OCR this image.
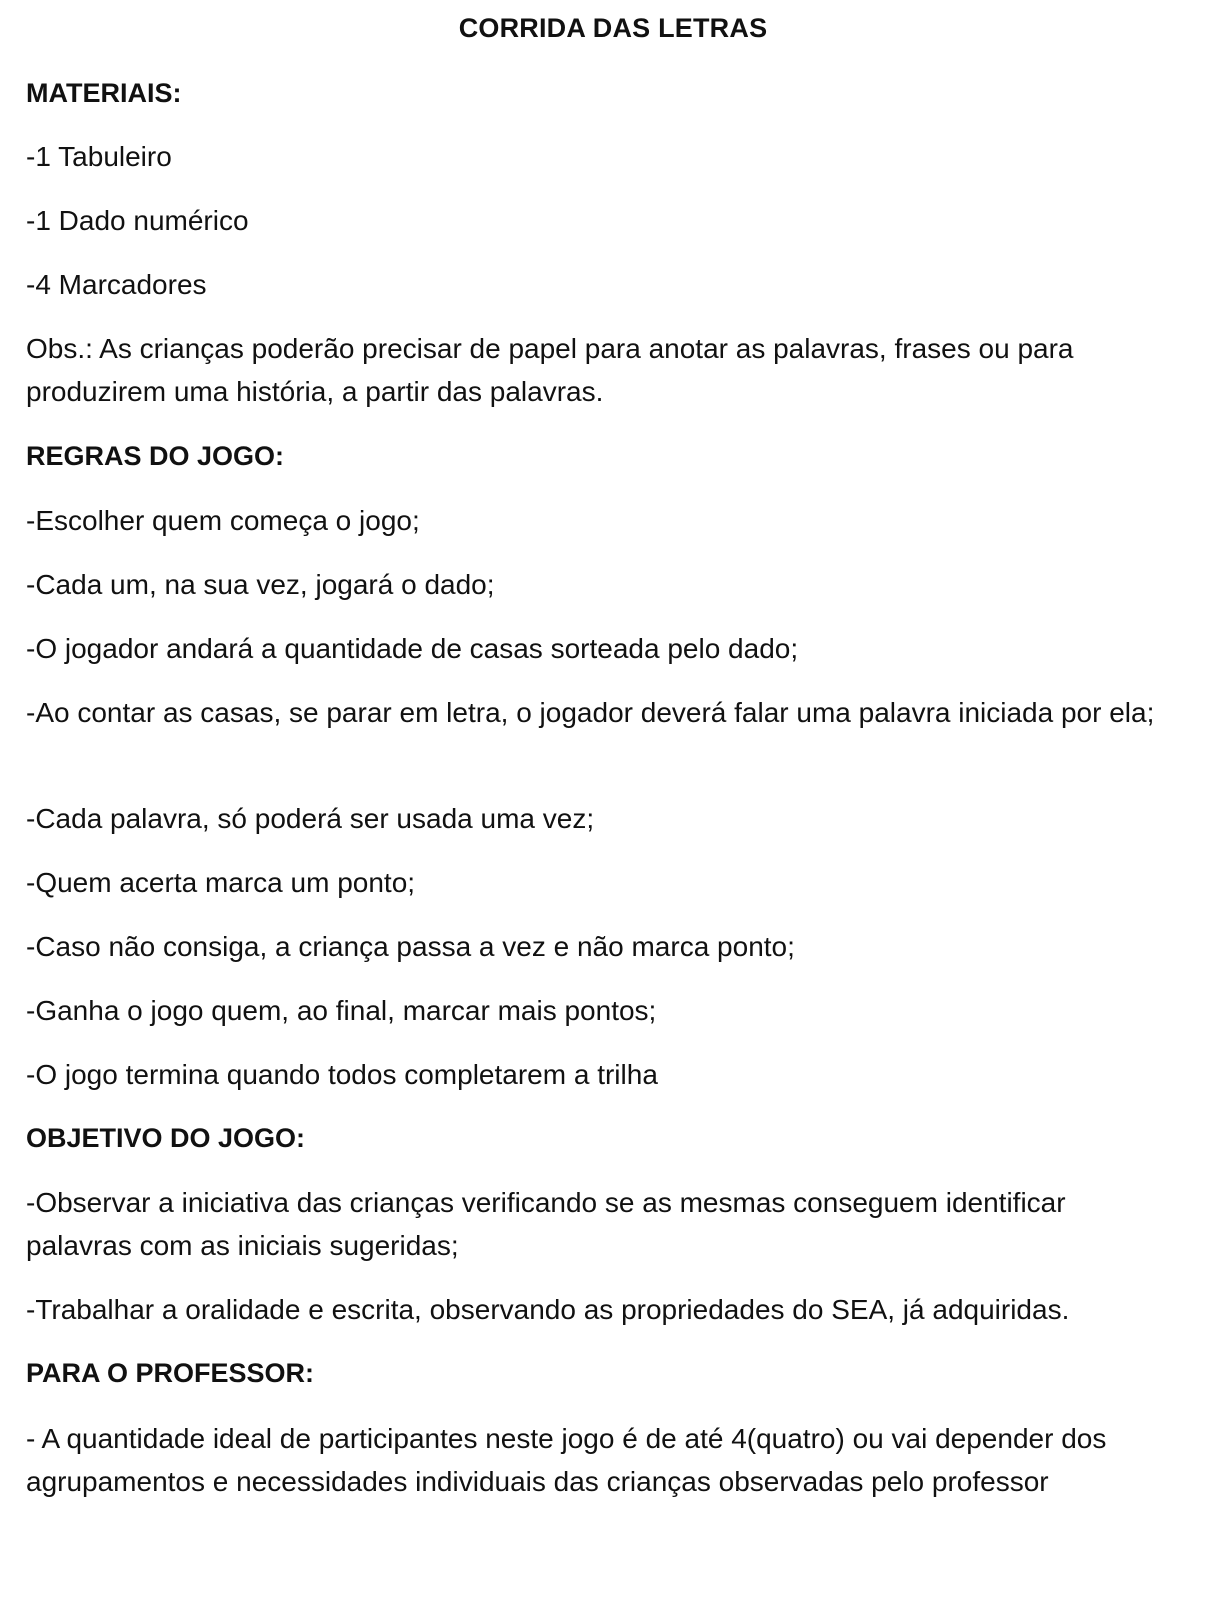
CORRIDA DAS LETRAS
MATERIAIS:
-1 Tabuleiro
-1 Dado numérico
-4 Marcadores
Obs.: As crianças poderão precisar de papel para anotar as palavras, frases ou para produzirem uma história, a partir das palavras.
REGRAS DO JOGO:
-Escolher quem começa o jogo;
-Cada um, na sua vez, jogará o dado;
-O jogador andará a quantidade de casas sorteada pelo dado;
-Ao contar as casas, se parar em letra, o jogador deverá falar uma palavra iniciada por ela;
-Cada palavra, só poderá ser usada uma vez;
-Quem acerta marca um ponto;
-Caso não consiga, a criança passa a vez e não marca ponto;
-Ganha o jogo quem, ao final, marcar mais pontos;
-O jogo termina quando todos completarem a trilha
OBJETIVO DO JOGO:
-Observar a iniciativa das crianças verificando se as mesmas conseguem identificar palavras com as iniciais sugeridas;
-Trabalhar a oralidade e escrita, observando as propriedades do SEA, já adquiridas.
PARA O PROFESSOR:
- A quantidade ideal de participantes neste jogo é de até 4(quatro) ou vai depender dos agrupamentos e necessidades individuais das crianças observadas pelo professor
